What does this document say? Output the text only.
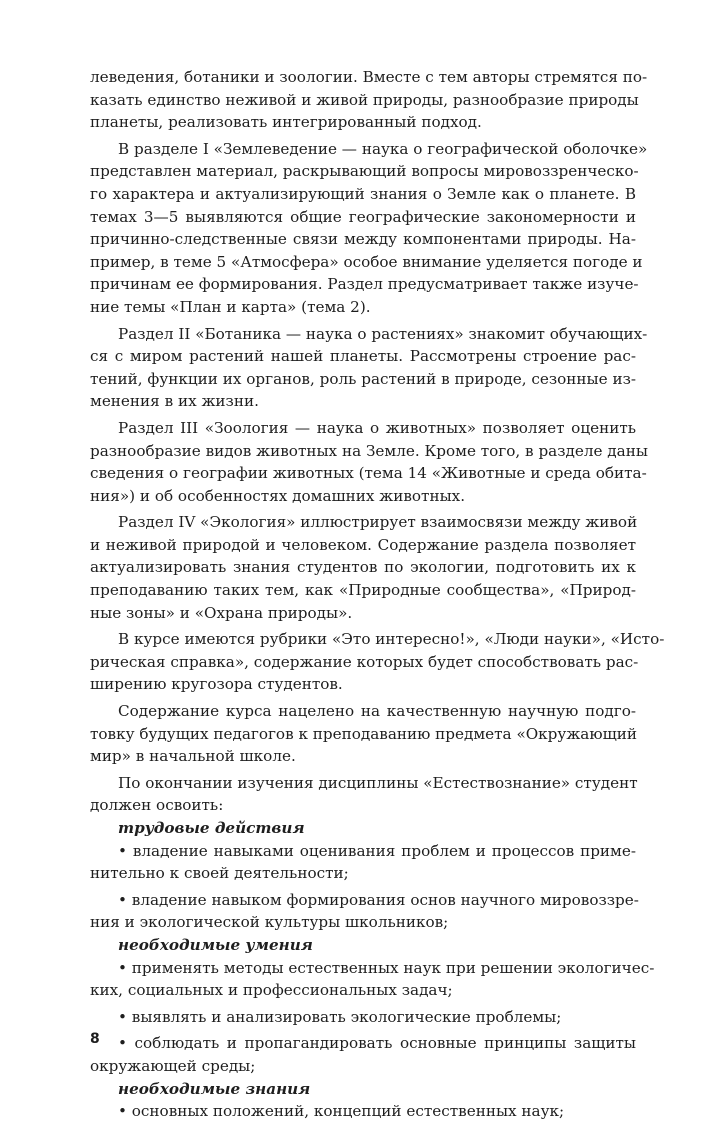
леведения, ботаники и зоологии. Вместе с тем авторы стремятся по-
казать единство неживой и живой природы, разнообразие природы
планеты, реализовать интегрированный подход.

В разделе I «Землеведение — наука о географической оболочке»
представлен материал, раскрывающий вопросы мировоззренческо-
го характера и актуализирующий знания о Земле как о планете. В
темах 3—5 выявляются общие географические закономерности и
причинно-следственные связи между компонентами природы. На-
пример, в теме 5 «Атмосфера» особое внимание уделяется погоде и
причинам ее формирования. Раздел предусматривает также изуче-
ние темы «План и карта» (тема 2).

Раздел II «Ботаника — наука о растениях» знакомит обучающих-
ся с миром растений нашей планеты. Рассмотрены строение рас-
тений, функции их органов, роль растений в природе, сезонные из-
менения в их жизни.

Раздел III «Зоология — наука о животных» позволяет оценить
разнообразие видов животных на Земле. Кроме того, в разделе даны
сведения о географии животных (тема 14 «Животные и среда обита-
ния») и об особенностях домашних животных.

Раздел IV «Экология» иллюстрирует взаимосвязи между живой
и неживой природой и человеком. Содержание раздела позволяет
актуализировать знания студентов по экологии, подготовить их к
преподаванию таких тем, как «Природные сообщества», «Природ-
ные зоны» и «Охрана природы».

В курсе имеются рубрики «Это интересно!», «Люди науки», «Исто-
рическая справка», содержание которых будет способствовать рас-
ширению кругозора студентов.

Содержание курса нацелено на качественную научную подго-
товку будущих педагогов к преподаванию предмета «Окружающий
мир» в начальной школе.

По окончании изучения дисциплины «Естествознание» студент
должен освоить:

трудовые действия

• владение навыками оценивания проблем и процессов приме-
нительно к своей деятельности;

• владение навыком формирования основ научного мировоззре-
ния и экологической культуры школьников;

необходимые умения

• применять методы естественных наук при решении экологичес-
ких, социальных и профессиональных задач;

• выявлять и анализировать экологические проблемы;

• соблюдать и пропагандировать основные принципы защиты
окружающей среды;

необходимые знания

• основных положений, концепций естественных наук;

8
